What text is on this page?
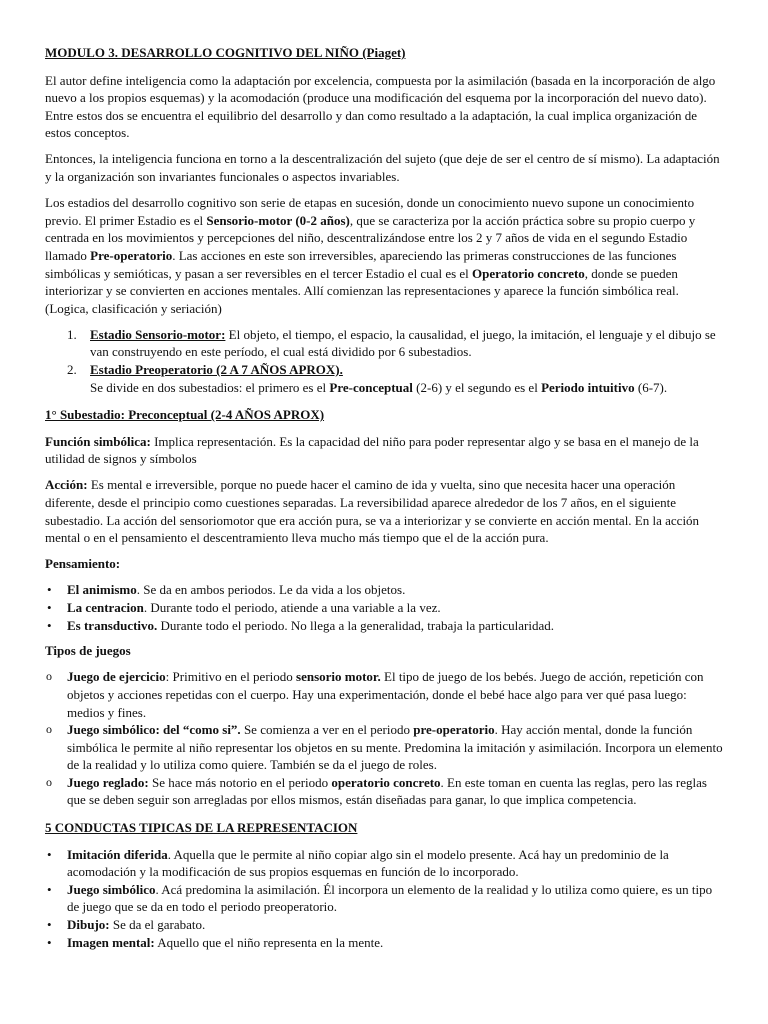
MODULO 3. DESARROLLO COGNITIVO DEL NIÑO (Piaget)

El autor define inteligencia como la adaptación por excelencia, compuesta por la asimilación (basada en la incorporación de algo nuevo a los propios esquemas) y la acomodación (produce una modificación del esquema por la incorporación del nuevo dato). Entre estos dos se encuentra el equilibrio del desarrollo y dan como resultado a la adaptación, la cual implica organización de estos conceptos.

Entonces, la inteligencia funciona en torno a la descentralización del sujeto (que deje de ser el centro de sí mismo). La adaptación y la organización son invariantes funcionales o aspectos invariables.

Los estadios del desarrollo cognitivo son serie de etapas en sucesión, donde un conocimiento nuevo supone un conocimiento previo. El primer Estadio es el Sensorio-motor (0-2 años), que se caracteriza por la acción práctica sobre su propio cuerpo y centrada en los movimientos y percepciones del niño, descentralizándose entre los 2 y 7 años de vida en el segundo Estadio llamado Pre-operatorio. Las acciones en este son irreversibles, apareciendo las primeras construcciones de las funciones simbólicas y semióticas, y pasan a ser reversibles en el tercer Estadio el cual es el Operatorio concreto, donde se pueden interiorizar y se convierten en acciones mentales. Allí comienzan las representaciones y aparece la función simbólica real. (Logica, clasificación y seriación)

1. Estadio Sensorio-motor: El objeto, el tiempo, el espacio, la causalidad, el juego, la imitación, el lenguaje y el dibujo se van construyendo en este período, el cual está dividido por 6 subestadios.
2. Estadio Preoperatorio (2 A 7 AÑOS APROX).
Se divide en dos subestadios: el primero es el Pre-conceptual (2-6) y el segundo es el Periodo intuitivo (6-7).
1° Subestadio: Preconceptual (2-4 AÑOS APROX)

Función simbólica: Implica representación. Es la capacidad del niño para poder representar algo y se basa en el manejo de la utilidad de signos y símbolos

Acción: Es mental e irreversible, porque no puede hacer el camino de ida y vuelta, sino que necesita hacer una operación diferente, desde el principio como cuestiones separadas. La reversibilidad aparece alrededor de los 7 años, en el siguiente subestadio. La acción del sensoriomotor que era acción pura, se va a interiorizar y se convierte en acción mental. En la acción mental o en el pensamiento el descentramiento lleva mucho más tiempo que el de la acción pura.

Pensamiento:

• El animismo. Se da en ambos periodos. Le da vida a los objetos.
• La centracion. Durante todo el periodo, atiende a una variable a la vez.
• Es transductivo. Durante todo el periodo. No llega a la generalidad, trabaja la particularidad.

Tipos de juegos

o Juego de ejercicio: Primitivo en el periodo sensorio motor. El tipo de juego de los bebés. Juego de acción, repetición con objetos y acciones repetidas con el cuerpo. Hay una experimentación, donde el bebé hace algo para ver qué pasa luego: medios y fines.
o Juego simbólico: del “como si”. Se comienza a ver en el periodo pre-operatorio. Hay acción mental, donde la función simbólica le permite al niño representar los objetos en su mente. Predomina la imitación y asimilación. Incorpora un elemento de la realidad y lo utiliza como quiere. También se da el juego de roles.
o Juego reglado: Se hace más notorio en el periodo operatorio concreto. En este toman en cuenta las reglas, pero las reglas que se deben seguir son arregladas por ellos mismos, están diseñadas para ganar, lo que implica competencia.
5 CONDUCTAS TIPICAS DE LA REPRESENTACION
• Imitación diferida. Aquella que le permite al niño copiar algo sin el modelo presente. Acá hay un predominio de la acomodación y la modificación de sus propios esquemas en función de lo incorporado.
• Juego simbólico. Acá predomina la asimilación. Él incorpora un elemento de la realidad y lo utiliza como quiere, es un tipo de juego que se da en todo el periodo preoperatorio.
• Dibujo: Se da el garabato.
• Imagen mental: Aquello que el niño representa en la mente.
